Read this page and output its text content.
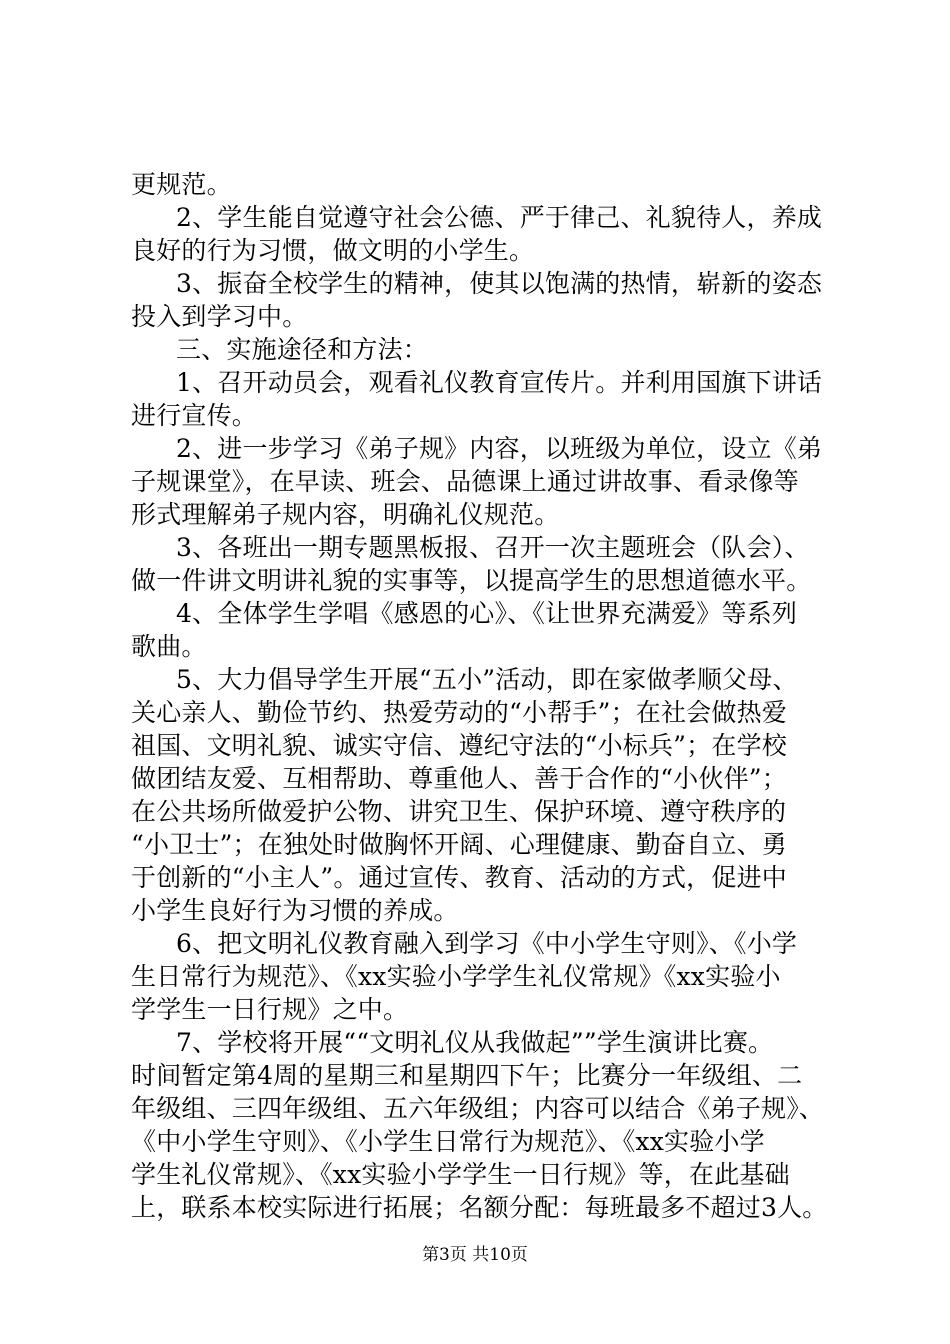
更规范。
2、学生能自觉遵守社会公德、严于律己、礼貌待人，养成
良好的行为习惯，做文明的小学生。
3、振奋全校学生的精神，使其以饱满的热情，崭新的姿态
投入到学习中。
三、实施途径和方法：
1、召开动员会，观看礼仪教育宣传片。并利用国旗下讲话
进行宣传。
2、进一步学习《弟子规》内容，以班级为单位，设立《弟
子规课堂》，在早读、班会、品德课上通过讲故事、看录像等
形式理解弟子规内容，明确礼仪规范。
3、各班出一期专题黑板报、召开一次主题班会（队会）、
做一件讲文明讲礼貌的实事等，以提高学生的思想道德水平。
4、全体学生学唱《感恩的心》、《让世界充满爱》等系列
歌曲。
5、大力倡导学生开展“五小”活动，即在家做孝顺父母、
关心亲人、勤俭节约、热爱劳动的“小帮手”；在社会做热爱
祖国、文明礼貌、诚实守信、遵纪守法的“小标兵”；在学校
做团结友爱、互相帮助、尊重他人、善于合作的“小伙伴”；
在公共场所做爱护公物、讲究卫生、保护环境、遵守秩序的
“小卫士”；在独处时做胸怀开阔、心理健康、勤奋自立、勇
于创新的“小主人”。通过宣传、教育、活动的方式，促进中
小学生良好行为习惯的养成。
6、把文明礼仪教育融入到学习《中小学生守则》、《小学
生日常行为规范》、《xx实验小学学生礼仪常规》《xx实验小
学学生一日行规》之中。
7、学校将开展““文明礼仪从我做起””学生演讲比赛。
时间暂定第4周的星期三和星期四下午；比赛分一年级组、二
年级组、三四年级组、五六年级组；内容可以结合《弟子规》、
《中小学生守则》、《小学生日常行为规范》、《xx实验小学
学生礼仪常规》、《xx实验小学学生一日行规》等，在此基础
上，联系本校实际进行拓展；名额分配：每班最多不超过3人。
第3页 共10页
